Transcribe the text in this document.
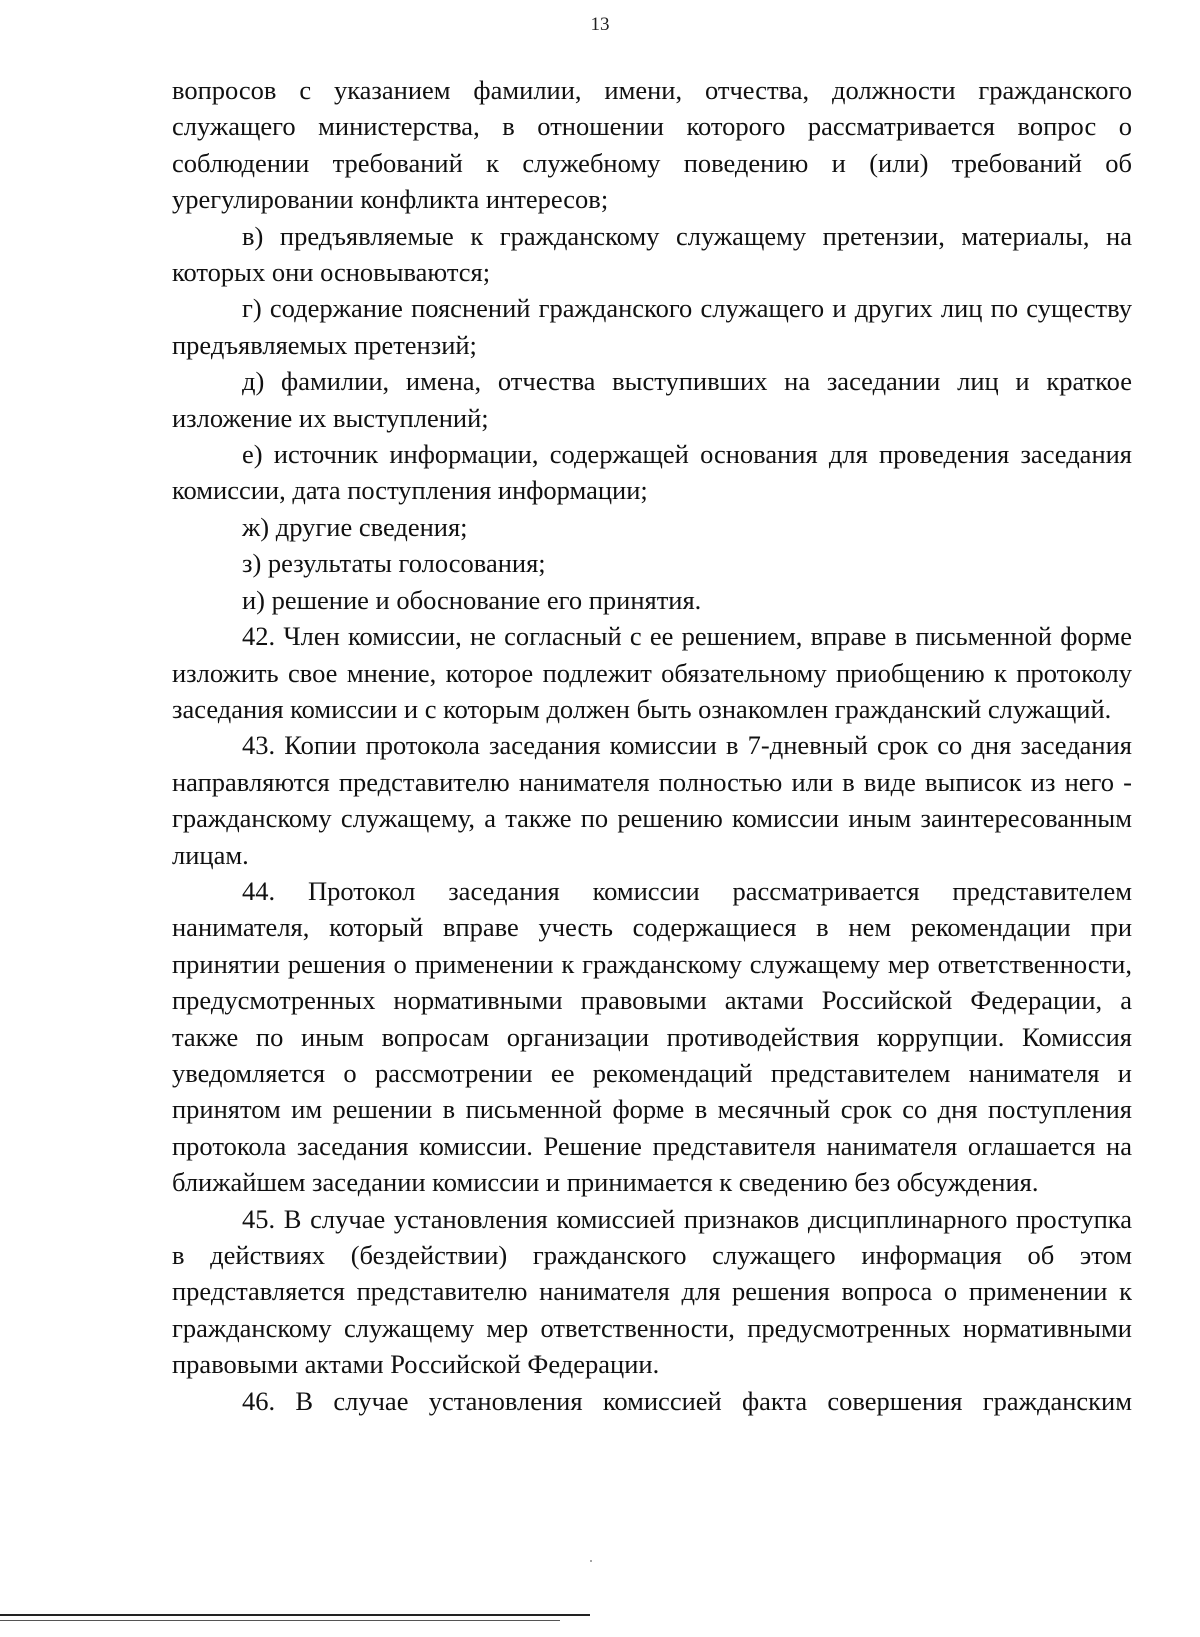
13

вопросов с указанием фамилии, имени, отчества, должности гражданского служащего министерства, в отношении которого рассматривается вопрос о соблюдении требований к служебному поведению и (или) требований об урегулировании конфликта интересов;

в) предъявляемые к гражданскому служащему претензии, материалы, на которых они основываются;

г) содержание пояснений гражданского служащего и других лиц по существу предъявляемых претензий;

д) фамилии, имена, отчества выступивших на заседании лиц и краткое изложение их выступлений;

е) источник информации, содержащей основания для проведения заседания комиссии, дата поступления информации;

ж) другие сведения;

з) результаты голосования;

и) решение и обоснование его принятия.

42. Член комиссии, не согласный с ее решением, вправе в письменной форме изложить свое мнение, которое подлежит обязательному приобщению к протоколу заседания комиссии и с которым должен быть ознакомлен гражданский служащий.

43. Копии протокола заседания комиссии в 7-дневный срок со дня заседания направляются представителю нанимателя полностью или в виде выписок из него - гражданскому служащему, а также по решению комиссии иным заинтересованным лицам.

44. Протокол заседания комиссии рассматривается представителем нанимателя, который вправе учесть содержащиеся в нем рекомендации при принятии решения о применении к гражданскому служащему мер ответственности, предусмотренных нормативными правовыми актами Российской Федерации, а также по иным вопросам организации противодействия коррупции. Комиссия уведомляется о рассмотрении ее рекомендаций представителем нанимателя и принятом им решении в письменной форме в месячный срок со дня поступления протокола заседания комиссии. Решение представителя нанимателя оглашается на ближайшем заседании комиссии и принимается к сведению без обсуждения.

45. В случае установления комиссией признаков дисциплинарного проступка в действиях (бездействии) гражданского служащего информация об этом представляется представителю нанимателя для решения вопроса о применении к гражданскому служащему мер ответственности, предусмотренных нормативными правовыми актами Российской Федерации.

46. В случае установления комиссией факта совершения гражданским
